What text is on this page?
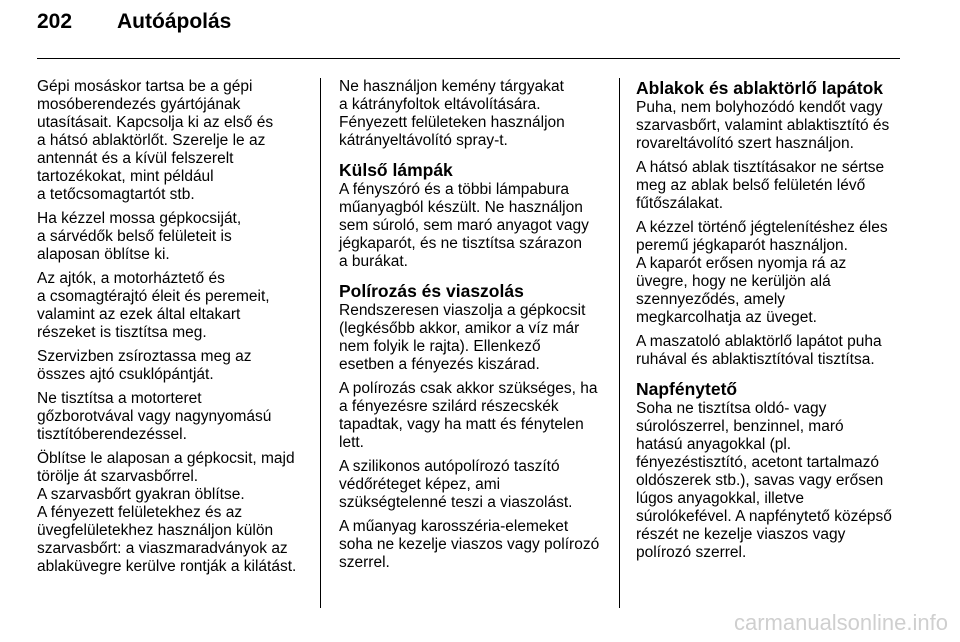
202 Autóápolás

Gépi mosáskor tartsa be a gépi
mosóberendezés gyártójának
utasításait. Kapcsolja ki az első és
a hátsó ablaktörlőt. Szerelje le az
antennát és a kívül felszerelt
tartozékokat, mint például
a tetőcsomagtartót stb.

Ha kézzel mossa gépkocsiját,
a sárvédők belső felületeit is
alaposan öblítse ki.

Az ajtók, a motorháztető és
a csomagtérajtó éleit és peremeit,
valamint az ezek által eltakart
részeket is tisztítsa meg.

Szervizben zsíroztassa meg az
összes ajtó csuklópántját.

Ne tisztítsa a motorteret
gőzborotvával vagy nagynyomású
tisztítóberendezéssel.

Öblítse le alaposan a gépkocsit, majd
törölje át szarvasbőrrel.
A szarvasbőrt gyakran öblítse.
A fényezett felületekhez és az
üvegfelületekhez használjon külön
szarvasbőrt: a viaszmaradványok az
ablaküvegre kerülve rontják a kilátást.

Ne használjon kemény tárgyakat
a kátrányfoltok eltávolítására.
Fényezett felületeken használjon
kátrányeltávolító spray-t.

Külső lámpák

A fényszóró és a többi lámpabura
műanyagból készült. Ne használjon
sem súroló, sem maró anyagot vagy
jégkaparót, és ne tisztítsa szárazon
a burákat.

Polírozás és viaszolás

Rendszeresen viaszolja a gépkocsit
(legkésőbb akkor, amikor a víz már
nem folyik le rajta). Ellenkező
esetben a fényezés kiszárad.

A polírozás csak akkor szükséges, ha
a fényezésre szilárd részecskék
tapadtak, vagy ha matt és fénytelen
lett.

A szilikonos autópolírozó taszító
védőréteget képez, ami
szükségtelenné teszi a viaszolást.

A műanyag karosszéria-elemeket
soha ne kezelje viaszos vagy polírozó
szerrel.

Ablakok és ablaktörlő lapátok

Puha, nem bolyhozódó kendőt vagy
szarvasbőrt, valamint ablaktisztító és
rovareltávolító szert használjon.

A hátsó ablak tisztításakor ne sértse
meg az ablak belső felületén lévő
fűtőszálakat.

A kézzel történő jégtelenítéshez éles
peremű jégkaparót használjon.
A kaparót erősen nyomja rá az
üvegre, hogy ne kerüljön alá
szennyeződés, amely
megkarcolhatja az üveget.

A maszatoló ablaktörlő lapátot puha
ruhával és ablaktisztítóval tisztítsa.

Napfénytető

Soha ne tisztítsa oldó- vagy
súrolószerrel, benzinnel, maró
hatású anyagokkal (pl.
fényezéstisztító, acetont tartalmazó
oldószerek stb.), savas vagy erősen
lúgos anyagokkal, illetve
súrolókefével. A napfénytető középső
részét ne kezelje viaszos vagy
polírozó szerrel.

carmanualsonline.info
